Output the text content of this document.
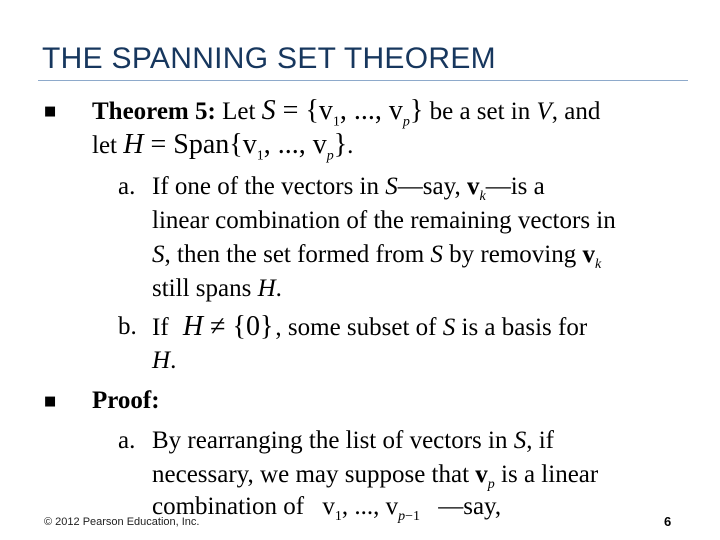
THE SPANNING SET THEOREM
■ Theorem 5: Let $S = \{v_1$, ..., $v_p$} be a set in V, and
let $H = Span\{v_1$, ..., $v_p$}.
a. If one of the vectors in S—say, $v_k—is$ a
linear combination of the remaining vectors in
S, then the set formed from S by removing $v_k$
still spans H.
b. If H ≠ {0}, some subset of S is a basis for
H.
■ Proof:
a. By rearranging the list of vectors in S, if
necessary, we may suppose that $v_p$ is a linear
combination of $v_1$, ..., $v_{p-1}$ —say,
© 2012 Pearson Education, Inc.	6
